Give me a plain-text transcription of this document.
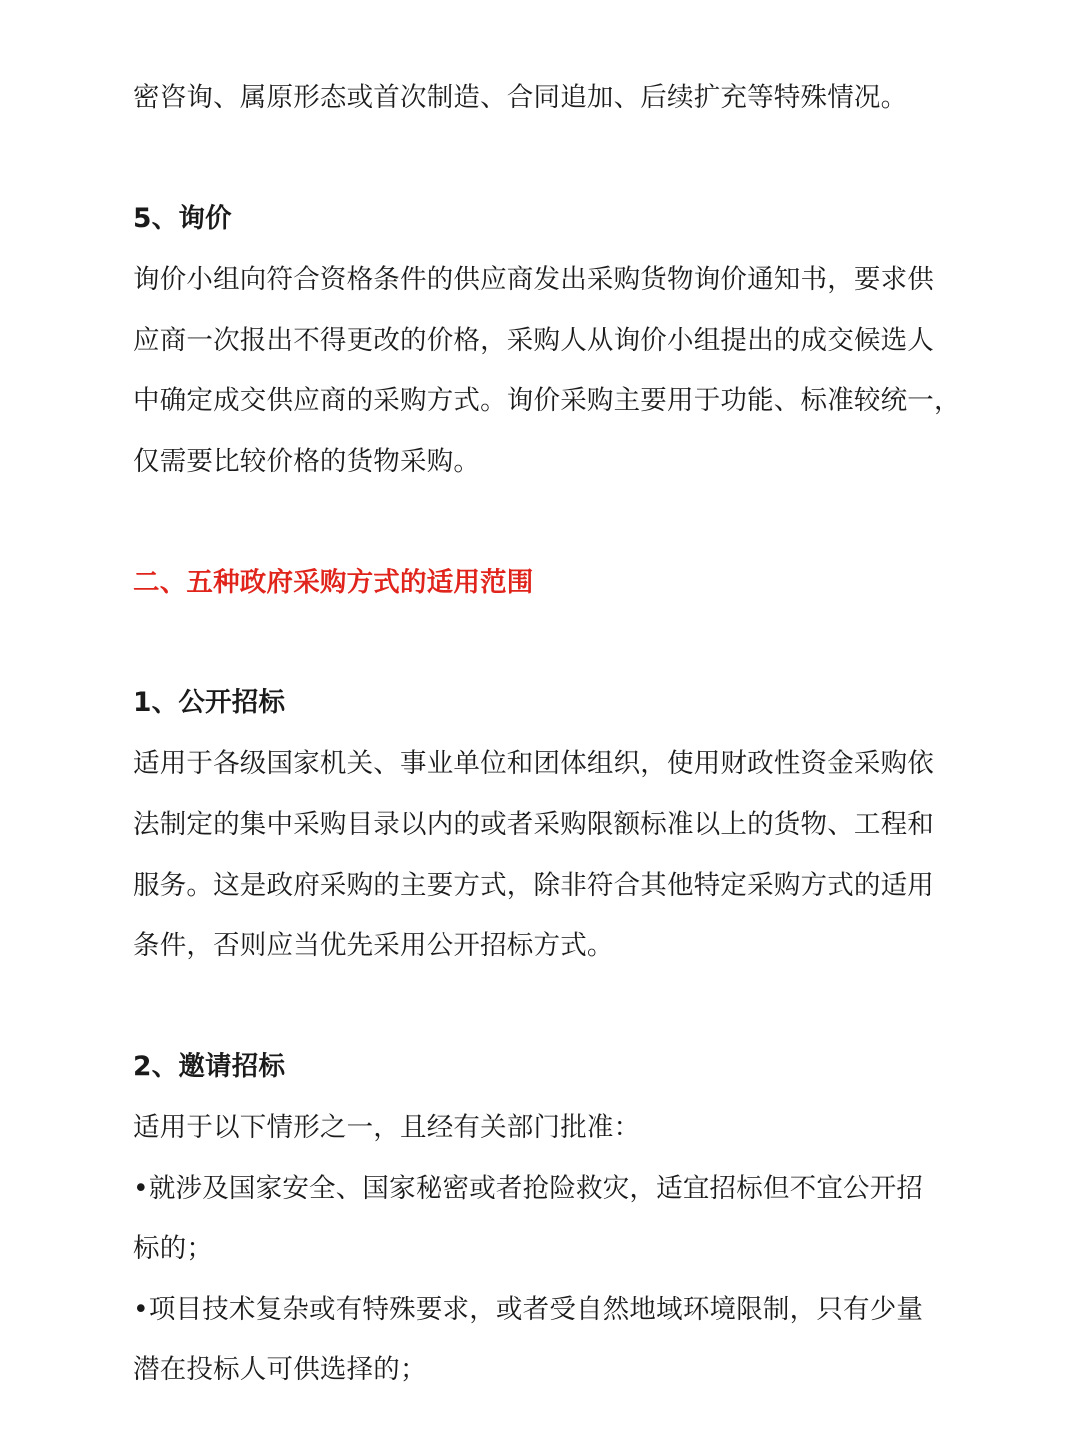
密咨询、属原形态或首次制造、合同追加、后续扩充等特殊情况。
5、询价
询价小组向符合资格条件的供应商发出采购货物询价通知书，要求供
应商一次报出不得更改的价格，采购人从询价小组提出的成交候选人
中确定成交供应商的采购方式。询价采购主要用于功能、标准较统一，
仅需要比较价格的货物采购。
二、五种政府采购方式的适用范围
1、公开招标
适用于各级国家机关、事业单位和团体组织，使用财政性资金采购依
法制定的集中采购目录以内的或者采购限额标准以上的货物、工程和
服务。这是政府采购的主要方式，除非符合其他特定采购方式的适用
条件，否则应当优先采用公开招标方式。
2、邀请招标
适用于以下情形之一，且经有关部门批准：
•就涉及国家安全、国家秘密或者抢险救灾，适宜招标但不宜公开招
标的；
•项目技术复杂或有特殊要求，或者受自然地域环境限制，只有少量
潜在投标人可供选择的；
